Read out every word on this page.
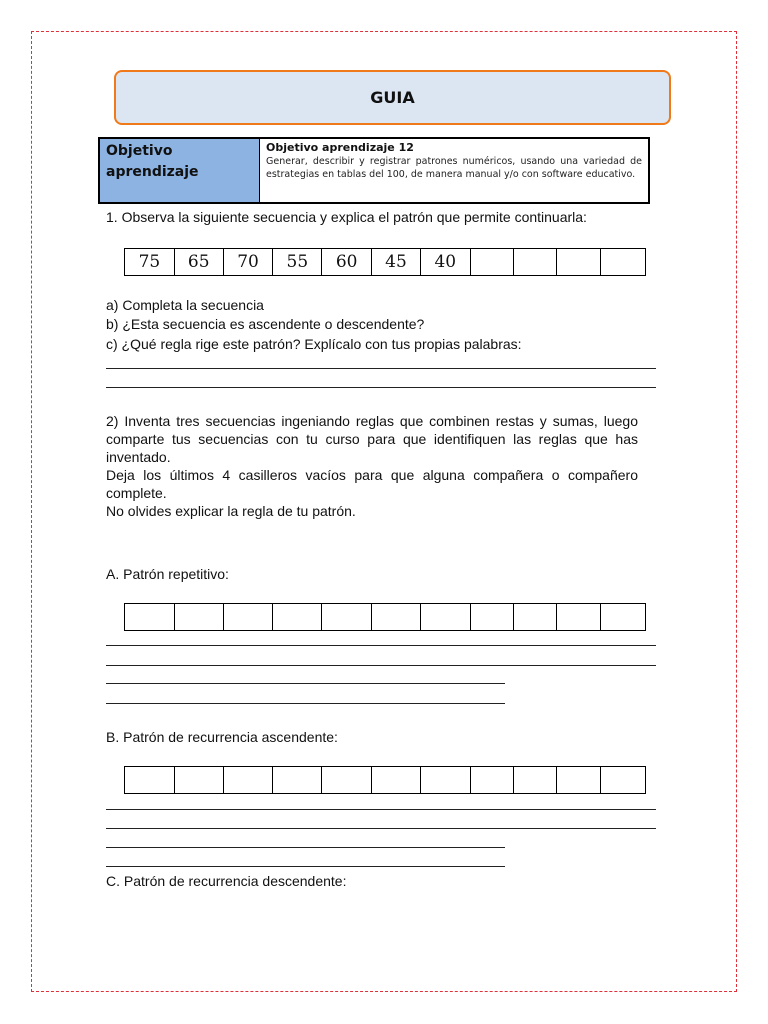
GUIA
Objetivo aprendizaje
Objetivo aprendizaje 12
Generar, describir y registrar patrones numéricos, usando una variedad de estrategias en tablas del 100, de manera manual y/o con software educativo.
1. Observa la siguiente secuencia y explica el patrón que permite continuarla:
75	65	70	55	60	45	40
a) Completa la secuencia
b) ¿Esta secuencia es ascendente o descendente?
c) ¿Qué regla rige este patrón? Explícalo con tus propias palabras:

2) Inventa tres secuencias ingeniando reglas que combinen restas y sumas, luego comparte tus secuencias con tu curso para que identifiquen las reglas que has inventado.

Deja los últimos 4 casilleros vacíos para que alguna compañera o compañero complete.

No olvides explicar la regla de tu patrón.

A. Patrón repetitivo:
B. Patrón de recurrencia ascendente:
C. Patrón de recurrencia descendente:
